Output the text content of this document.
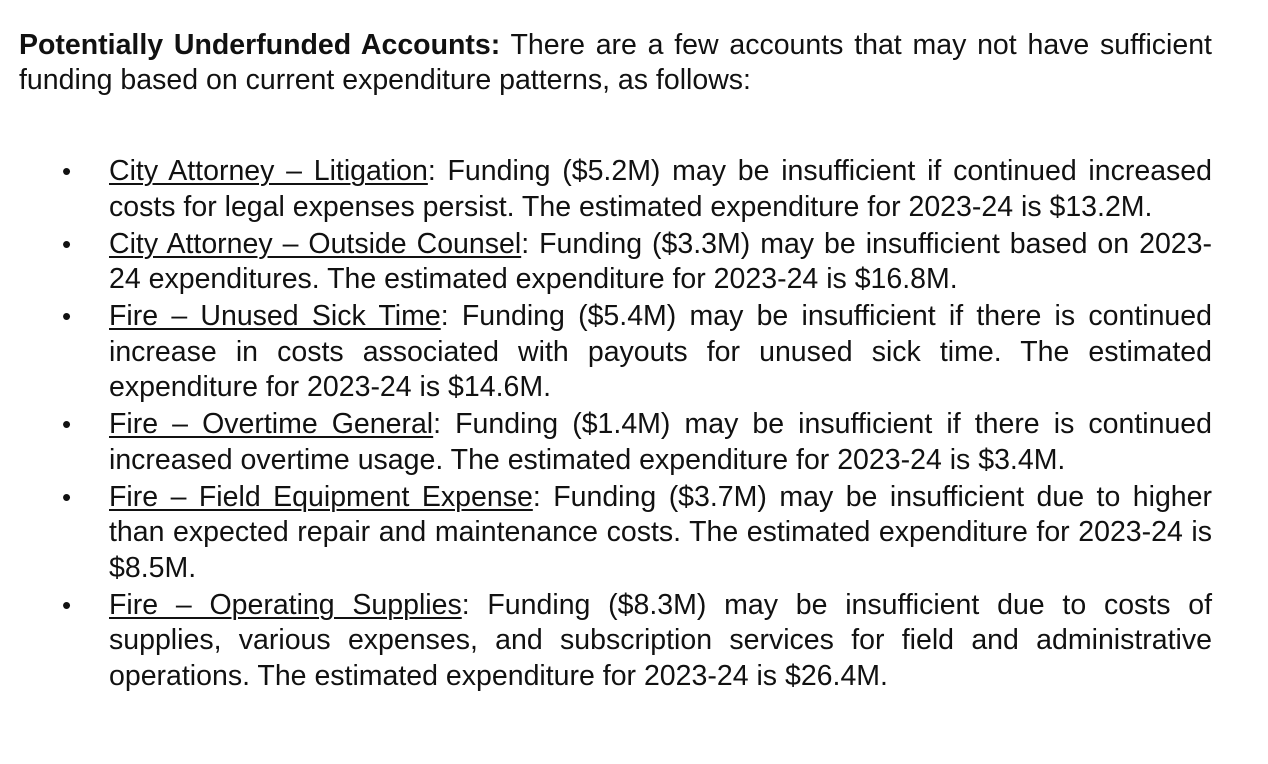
Potentially Underfunded Accounts: There are a few accounts that may not have sufficient funding based on current expenditure patterns, as follows:

• City Attorney – Litigation: Funding ($5.2M) may be insufficient if continued increased costs for legal expenses persist. The estimated expenditure for 2023-24 is $13.2M.
• City Attorney – Outside Counsel: Funding ($3.3M) may be insufficient based on 2023-24 expenditures. The estimated expenditure for 2023-24 is $16.8M.
• Fire – Unused Sick Time: Funding ($5.4M) may be insufficient if there is continued increase in costs associated with payouts for unused sick time. The estimated expenditure for 2023-24 is $14.6M.
• Fire – Overtime General: Funding ($1.4M) may be insufficient if there is continued increased overtime usage. The estimated expenditure for 2023-24 is $3.4M.
• Fire – Field Equipment Expense: Funding ($3.7M) may be insufficient due to higher than expected repair and maintenance costs. The estimated expenditure for 2023-24 is $8.5M.
• Fire – Operating Supplies: Funding ($8.3M) may be insufficient due to costs of supplies, various expenses, and subscription services for field and administrative operations. The estimated expenditure for 2023-24 is $26.4M.
